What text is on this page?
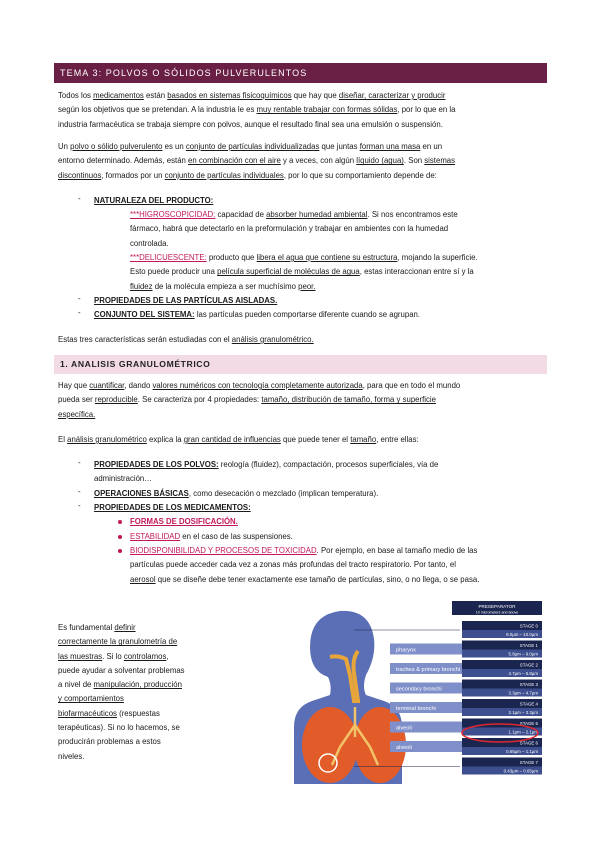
TEMA 3: POLVOS O SÓLIDOS PULVERULENTOS
Todos los medicamentos están basados en sistemas fisicoquímicos que hay que diseñar, caracterizar y producir
según los objetivos que se pretendan. A la industria le es muy rentable trabajar con formas sólidas, por lo que en la
industria farmacéutica se trabaja siempre con polvos, aunque el resultado final sea una emulsión o suspensión.
Un polvo o sólido pulverulento es un conjunto de partículas individualizadas que juntas forman una masa en un
entorno determinado. Además, están en combinación con el aire y a veces, con algún líquido (agua). Son sistemas
discontinuos, formados por un conjunto de partículas individuales, por lo que su comportamiento depende de:
- NATURALEZA DEL PRODUCTO:
***HIGROSCOPICIDAD: capacidad de absorber humedad ambiental. Si nos encontramos este
fármaco, habrá que detectarlo en la preformulación y trabajar en ambientes con la humedad
controlada.
***DELICUESCENTE: producto que libera el agua que contiene su estructura, mojando la superficie.
Esto puede producir una película superficial de moléculas de agua, estas interaccionan entre sí y la
fluidez de la molécula empieza a ser muchísimo peor.
- PROPIEDADES DE LAS PARTÍCULAS AISLADAS.
- CONJUNTO DEL SISTEMA: las partículas pueden comportarse diferente cuando se agrupan.
Estas tres características serán estudiadas con el análisis granulométrico.
1. ANALISIS GRANULOMÉTRICO
Hay que cuantificar, dando valores numéricos con tecnología completamente autorizada, para que en todo el mundo
pueda ser reproducible. Se caracteriza por 4 propiedades: tamaño, distribución de tamaño, forma y superficie
específica.
El análisis granulométrico explica la gran cantidad de influencias que puede tener el tamaño, entre ellas:
- PROPIEDADES DE LOS POLVOS: reología (fluidez), compactación, procesos superficiales, vía de
administración…
- OPERACIONES BÁSICAS, como desecación o mezclado (implican temperatura).
- PROPIEDADES DE LOS MEDICAMENTOS:
FORMAS DE DOSIFICACIÓN.
ESTABILIDAD en el caso de las suspensiones.
BIODISPONIBILIDAD Y PROCESOS DE TOXICIDAD. Por ejemplo, en base al tamaño medio de las
partículas puede acceder cada vez a zonas más profundas del tracto respiratorio. Por tanto, el
aerosol que se diseñe debe tener exactamente ese tamaño de partículas, sino, o no llega, o se pasa.
Es fundamental definir
correctamente la granulometría de
las muestras. Si lo controlamos,
puede ayudar a solventar problemas
a nivel de manipulación, producción
y comportamientos
biofarmacéuticos (respuestas
terapéuticas). Si no lo hacemos, se
producirán problemas a estos
niveles.
PRESEPARATOR
10 micrometers and above
STAGE 0
9.0µm – 10.0µm
pharynx
STAGE 1
5.8µm – 9.0µm
trachea & primary bronchi
STAGE 2
4.7µm – 5.8µm
secondary bronchi
STAGE 3
3.3µm – 4.7µm
terminal bronchi
STAGE 4
2.1µm – 3.3µm
alveoli
STAGE 5
1.1µm – 2.1µm
alveoli
STAGE 6
0.65µm – 1.1µm
STAGE 7
0.43µm – 0.65µm
